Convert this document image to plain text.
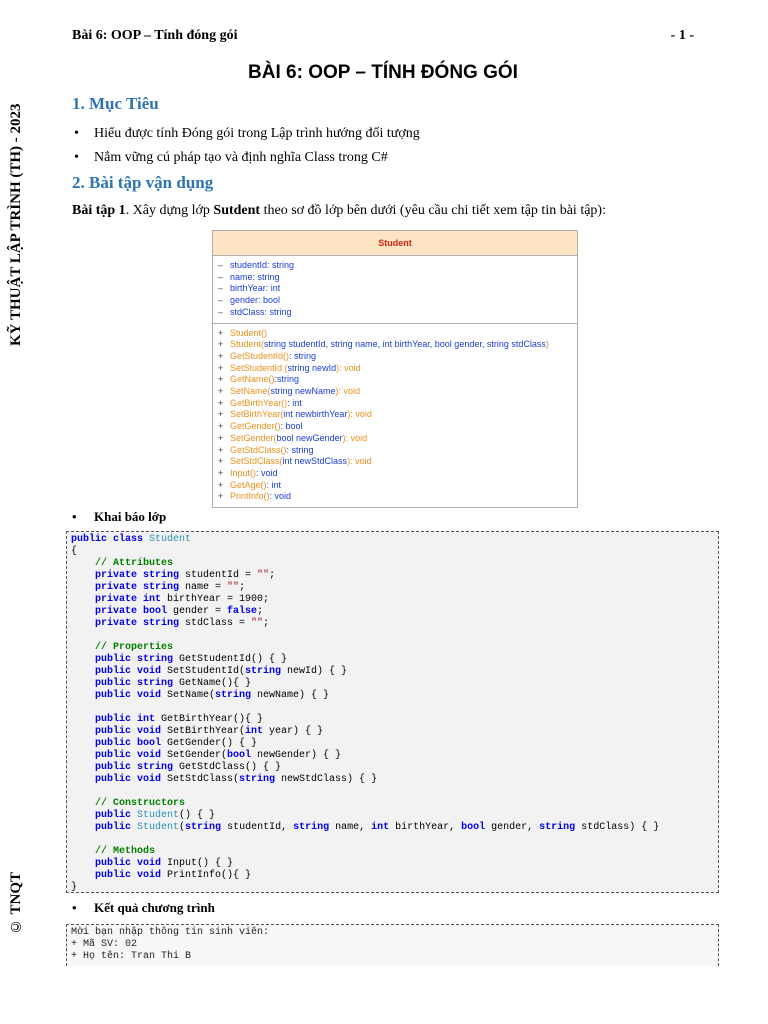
KỸ THUẬT LẬP TRÌNH (TH) - 2023
© TNQT
Bài 6: OOP – Tính đóng gói	- 1 -
BÀI 6: OOP – TÍNH ĐÓNG GÓI
1. Mục Tiêu
• Hiểu được tính Đóng gói trong Lập trình hướng đối tượng
• Nắm vững cú pháp tạo và định nghĩa Class trong C#
2. Bài tập vận dụng
Bài tập 1. Xây dựng lớp Sutdent theo sơ đồ lớp bên dưới (yêu cầu chi tiết xem tập tin bài tập):
Student
– studentId: string
– name: string
– birthYear: int
– gender: bool
– stdClass: string
+ Student()
+ Student(string studentId, string name, int birthYear, bool gender, string stdClass)
+ GetStudentId(): string
+ SetStudentId (string newId): void
+ GetName():string
+ SetName(string newName): void
+ GetBirthYear(): int
+ SetBirthYear(int newbirthYear): void
+ GetGender(): bool
+ SetGender(bool newGender): void
+ GetStdClass(): string
+ SetStdClass(int newStdClass): void
+ Input(): void
+ GetAge(): int
+ PrintInfo(): void
• Khai báo lớp
public class Student
{
// Attributes
private string studentId = "";
private string name = "";
private int birthYear = 1900;
private bool gender = false;
private string stdClass = "";
// Properties
public string GetStudentId() { }
public void SetStudentId(string newId) { }
public string GetName(){ }
public void SetName(string newName) { }
public int GetBirthYear(){ }
public void SetBirthYear(int year) { }
public bool GetGender() { }
public void SetGender(bool newGender) { }
public string GetStdClass() { }
public void SetStdClass(string newStdClass) { }
// Constructors
public Student() { }
public Student(string studentId, string name, int birthYear, bool gender, string stdClass) { }
// Methods
public void Input() { }
public void PrintInfo(){ }
}
• Kết quả chương trình
Mời bạn nhập thông tin sinh viên:
+ Mã SV: 02
+ Họ tên: Tran Thi B
